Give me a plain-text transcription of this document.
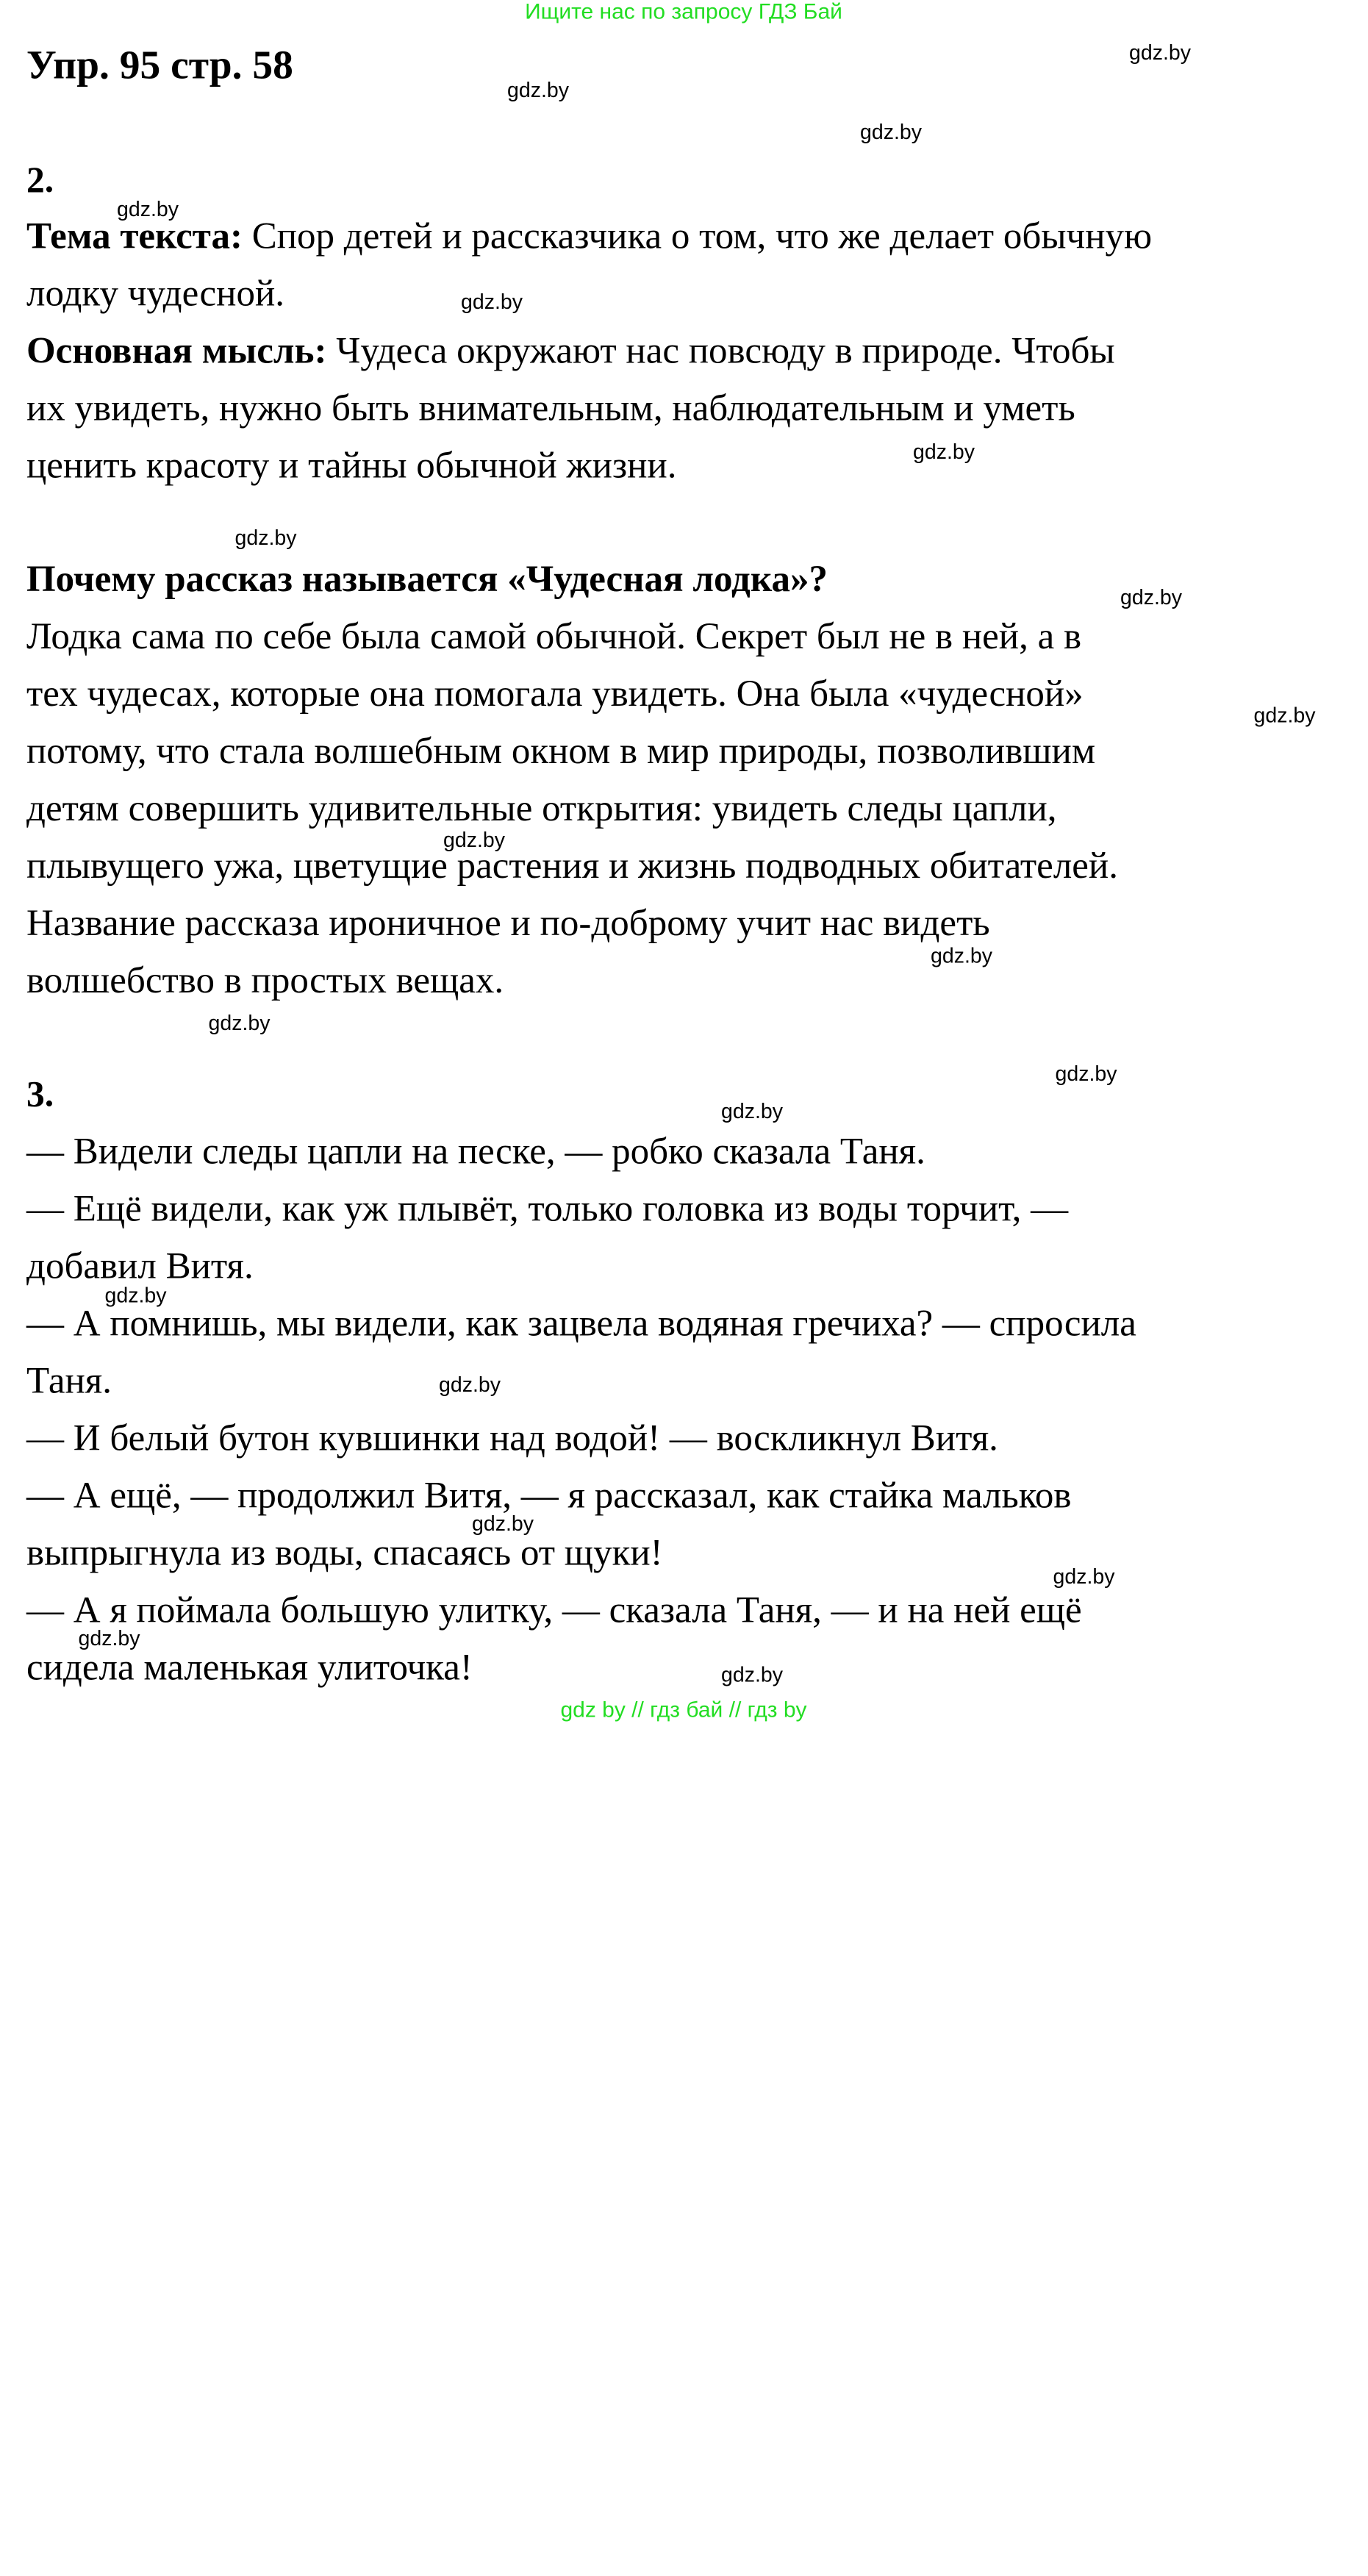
Ищите нас по запросу ГДЗ Бай
Упр. 95 стр. 58
2.
Тема текста: Спор детей и рассказчика о том, что же делает обычную
лодку чудесной.
Основная мысль: Чудеса окружают нас повсюду в природе. Чтобы
их увидеть, нужно быть внимательным, наблюдательным и уметь
ценить красоту и тайны обычной жизни.
Почему рассказ называется «Чудесная лодка»?
Лодка сама по себе была самой обычной. Секрет был не в ней, а в
тех чудесах, которые она помогала увидеть. Она была «чудесной»
потому, что стала волшебным окном в мир природы, позволившим
детям совершить удивительные открытия: увидеть следы цапли,
плывущего ужа, цветущие растения и жизнь подводных обитателей.
Название рассказа ироничное и по-доброму учит нас видеть
волшебство в простых вещах.
3.
— Видели следы цапли на песке, — робко сказала Таня.
— Ещё видели, как уж плывёт, только головка из воды торчит, —
добавил Витя.
— А помнишь, мы видели, как зацвела водяная гречиха? — спросила
Таня.
— И белый бутон кувшинки над водой! — воскликнул Витя.
— А ещё, — продолжил Витя, — я рассказал, как стайка мальков
выпрыгнула из воды, спасаясь от щуки!
— А я поймала большую улитку, — сказала Таня, — и на ней ещё
сидела маленькая улиточка!
gdz.by
gdz.by
gdz.by
gdz.by
gdz.by
gdz.by
gdz.by
gdz.by
gdz.by
gdz.by
gdz.by
gdz.by
gdz.by
gdz.by
gdz.by
gdz.by
gdz.by
gdz.by
gdz.by
gdz.by
gdz by // гдз бай // гдз by
